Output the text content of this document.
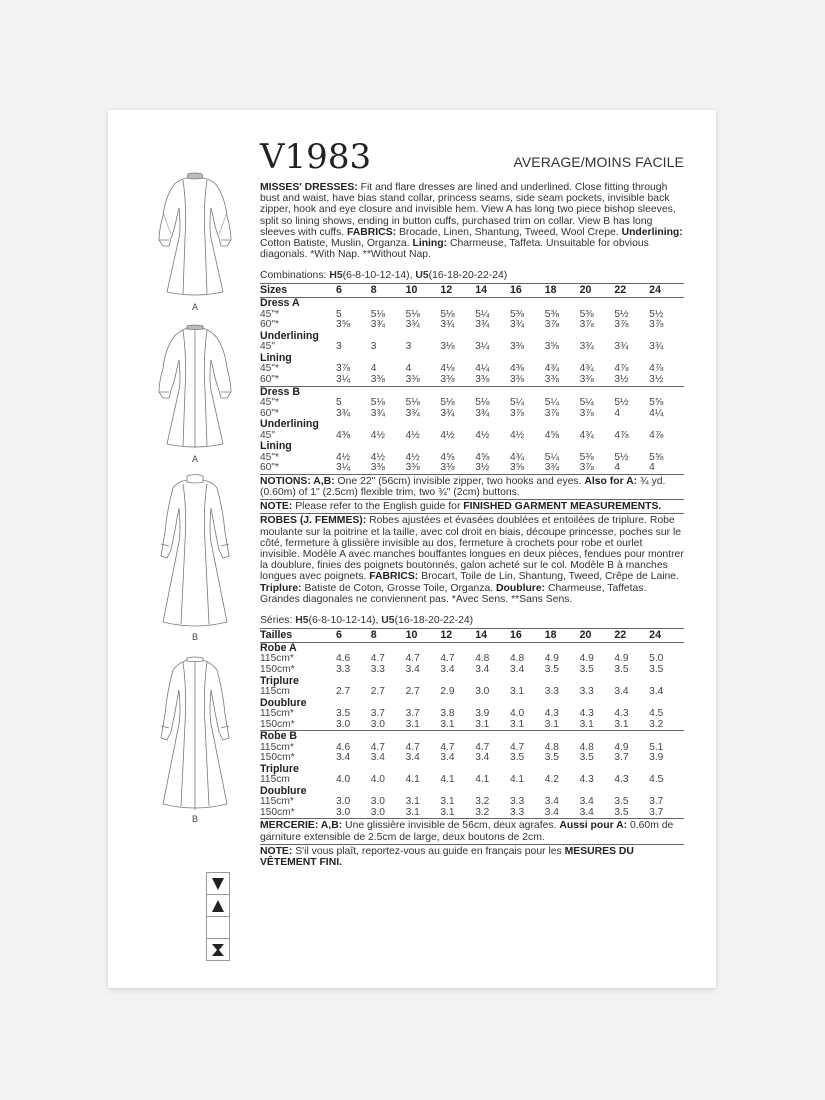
A
A
B
B
V1983	AVERAGE/MOINS FACILE
MISSES' DRESSES: Fit and flare dresses are lined and underlined. Close fitting through bust and waist, have bias stand collar, princess seams, side seam pockets, invisible back zipper, hook and eye closure and invisible hem. View A has long two piece bishop sleeves, split so lining shows, ending in button cuffs, purchased trim on collar. View B has long sleeves with cuffs. FABRICS: Brocade, Linen, Shantung, Tweed, Wool Crepe. Underlining: Cotton Batiste, Muslin, Organza. Lining: Charmeuse, Taffeta. Unsuitable for obvious diagonals. *With Nap. **Without Nap.
Combinations: H5(6-8-10-12-14), U5(16-18-20-22-24)
Sizes	6	8	10	12	14	16	18	20	22	24
Dress A										
45"*	5	5⅛	5⅛	5⅛	5¼	5⅜	5⅜	5⅜	5½	5½
60"*	3⅝	3¾	3¾	3¾	3¾	3¾	3⅞	3⅞	3⅞	3⅞
Underlining										
45"	3	3	3	3⅛	3¼	3⅜	3⅝	3¾	3¾	3¾
Lining										
45"*	3⅞	4	4	4⅛	4¼	4⅜	4¾	4¾	4⅞	4⅞
60"*	3¼	3⅜	3⅜	3⅜	3⅜	3⅜	3⅜	3⅜	3½	3½
Dress B										
45"*	5	5⅛	5⅛	5⅛	5⅛	5¼	5¼	5¼	5½	5⅝
60"*	3¾	3¾	3¾	3¾	3¾	3⅞	3⅞	3⅞	4	4¼
Underlining										
45"	4⅜	4½	4½	4½	4½	4½	4⅝	4¾	4⅞	4⅞
Lining										
45"*	4½	4½	4½	4⅝	4⅝	4¾	5¼	5⅜	5½	5⅝
60"*	3¼	3⅜	3⅜	3⅜	3½	3⅝	3¾	3⅞	4	4
NOTIONS: A,B: One 22" (56cm) invisible zipper, two hooks and eyes. Also for A: ¾ yd. (0.60m) of 1" (2.5cm) flexible trim, two ¾" (2cm) buttons.
NOTE: Please refer to the English guide for FINISHED GARMENT MEASUREMENTS.
ROBES (J. FEMMES): Robes ajustées et évasées doublées et entoilées de triplure. Robe moulante sur la poitrine et la taille, avec col droit en biais, découpe princesse, poches sur le côté, fermeture à glissière invisible au dos, fermeture à crochets pour robe et ourlet invisible. Modèle A avec manches bouffantes longues en deux pièces, fendues pour montrer la doublure, finies des poignets boutonnés, galon acheté sur le col. Modèle B à manches longues avec poignets. FABRICS: Brocart, Toile de Lin, Shantung, Tweed, Crêpe de Laine. Triplure: Batiste de Coton, Grosse Toile, Organza. Doublure: Charmeuse, Taffetas. Grandes diagonales ne conviennent pas. *Avec Sens. **Sans Sens.
Séries: H5(6-8-10-12-14), U5(16-18-20-22-24)
Tailles	6	8	10	12	14	16	18	20	22	24
Robe A										
115cm*	4.6	4.7	4.7	4.7	4.8	4.8	4.9	4.9	4.9	5.0
150cm*	3.3	3.3	3.4	3.4	3.4	3.4	3.5	3.5	3.5	3.5
Triplure										
115cm	2.7	2.7	2.7	2.9	3.0	3.1	3.3	3.3	3.4	3.4
Doublure										
115cm*	3.5	3.7	3.7	3.8	3.9	4.0	4.3	4.3	4.3	4.5
150cm*	3.0	3.0	3.1	3.1	3.1	3.1	3.1	3.1	3.1	3.2
Robe B										
115cm*	4.6	4.7	4.7	4.7	4.7	4.7	4.8	4.8	4.9	5.1
150cm*	3.4	3.4	3.4	3.4	3.4	3.5	3.5	3.5	3.7	3.9
Triplure										
115cm	4.0	4.0	4.1	4.1	4.1	4.1	4.2	4.3	4.3	4.5
Doublure										
115cm*	3.0	3.0	3.1	3.1	3.2	3.3	3.4	3.4	3.5	3.7
150cm*	3.0	3.0	3.1	3.1	3.2	3.3	3.4	3.4	3.5	3.7
MERCERIE: A,B: Une glissière invisible de 56cm, deux agrafes. Aussi pour A: 0.60m de garniture extensible de 2.5cm de large, deux boutons de 2cm.
NOTE: S'il vous plaît, reportez-vous au guide en français pour les MESURES DU VÊTEMENT FINI.
